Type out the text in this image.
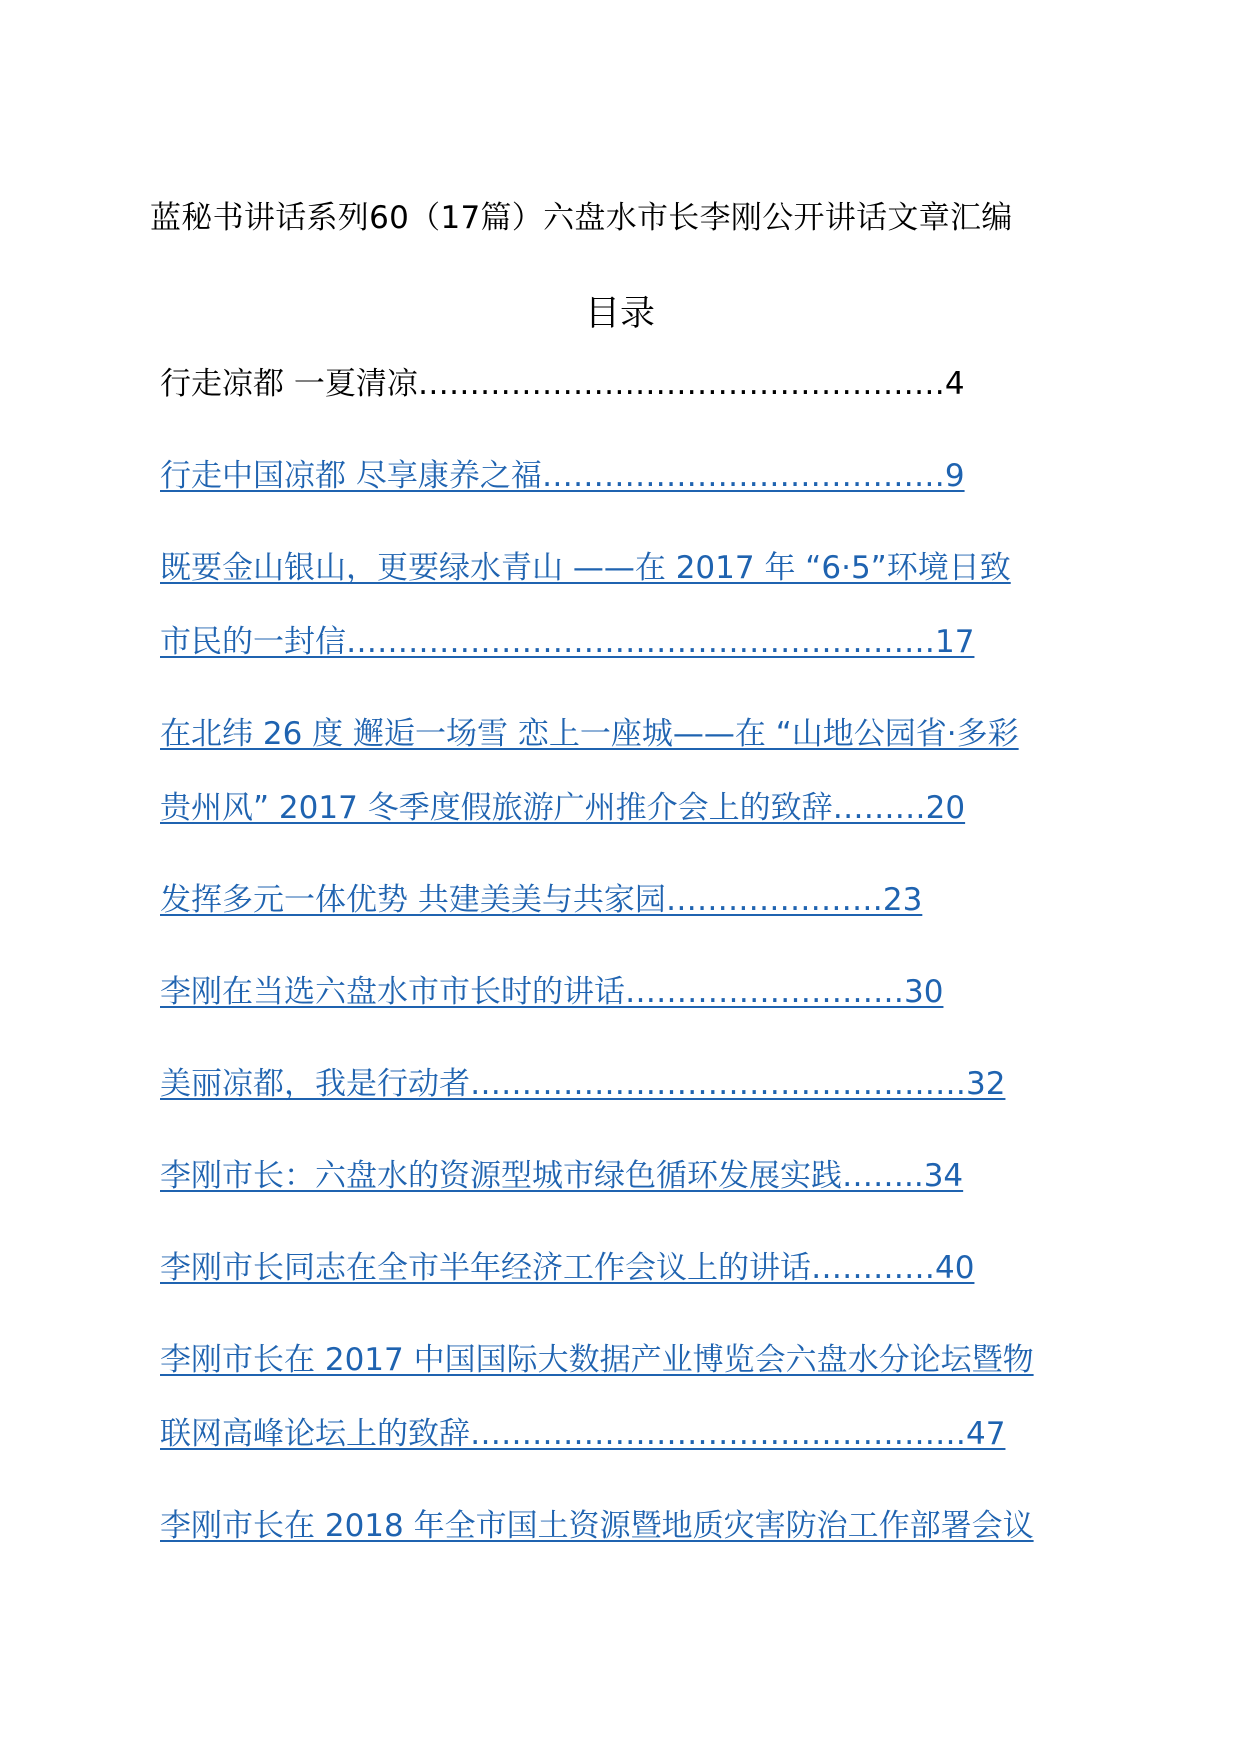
蓝秘书讲话系列60（17篇）六盘水市长李刚公开讲话文章汇编
目录
行走凉都 一夏清凉……………………………………………4
行走中国凉都 尽享康养之福…………………………………9
既要金山银山，更要绿水青山 ——在 2017 年 “6·5”环境日致
市民的一封信…………………………………………………17
在北纬 26 度 邂逅一场雪 恋上一座城——在 “山地公园省·多彩
贵州风” 2017 冬季度假旅游广州推介会上的致辞………20
发挥多元一体优势 共建美美与共家园…………………23
李刚在当选六盘水市市长时的讲话………………………30
美丽凉都，我是行动者…………………………………………32
李刚市长：六盘水的资源型城市绿色循环发展实践……..34
李刚市长同志在全市半年经济工作会议上的讲话…………40
李刚市长在 2017 中国国际大数据产业博览会六盘水分论坛暨物
联网高峰论坛上的致辞…………………………………………47
李刚市长在 2018 年全市国土资源暨地质灾害防治工作部署会议
